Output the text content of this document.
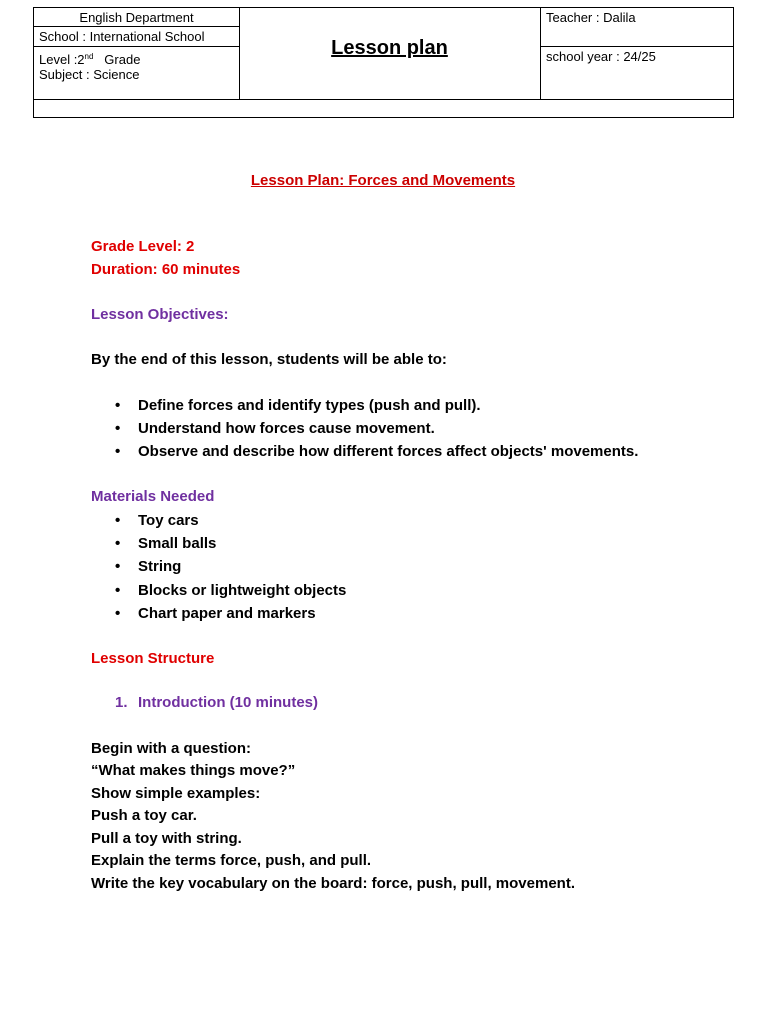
English Department
School : International School
Level :2nd   Grade
Subject : Science
Lesson plan
Teacher : Dalila
school year : 24/25
Lesson Plan: Forces and Movements
Grade Level: 2
Duration: 60 minutes
Lesson Objectives:
By the end of this lesson, students will be able to:
• Define forces and identify types (push and pull).
• Understand how forces cause movement.
• Observe and describe how different forces affect objects' movements.
Materials Needed
• Toy cars
• Small balls
• String
• Blocks or lightweight objects
• Chart paper and markers
Lesson Structure
1. Introduction (10 minutes)
Begin with a question:
“What makes things move?”
Show simple examples:
Push a toy car.
Pull a toy with string.
Explain the terms force, push, and pull.
Write the key vocabulary on the board: force, push, pull, movement.
